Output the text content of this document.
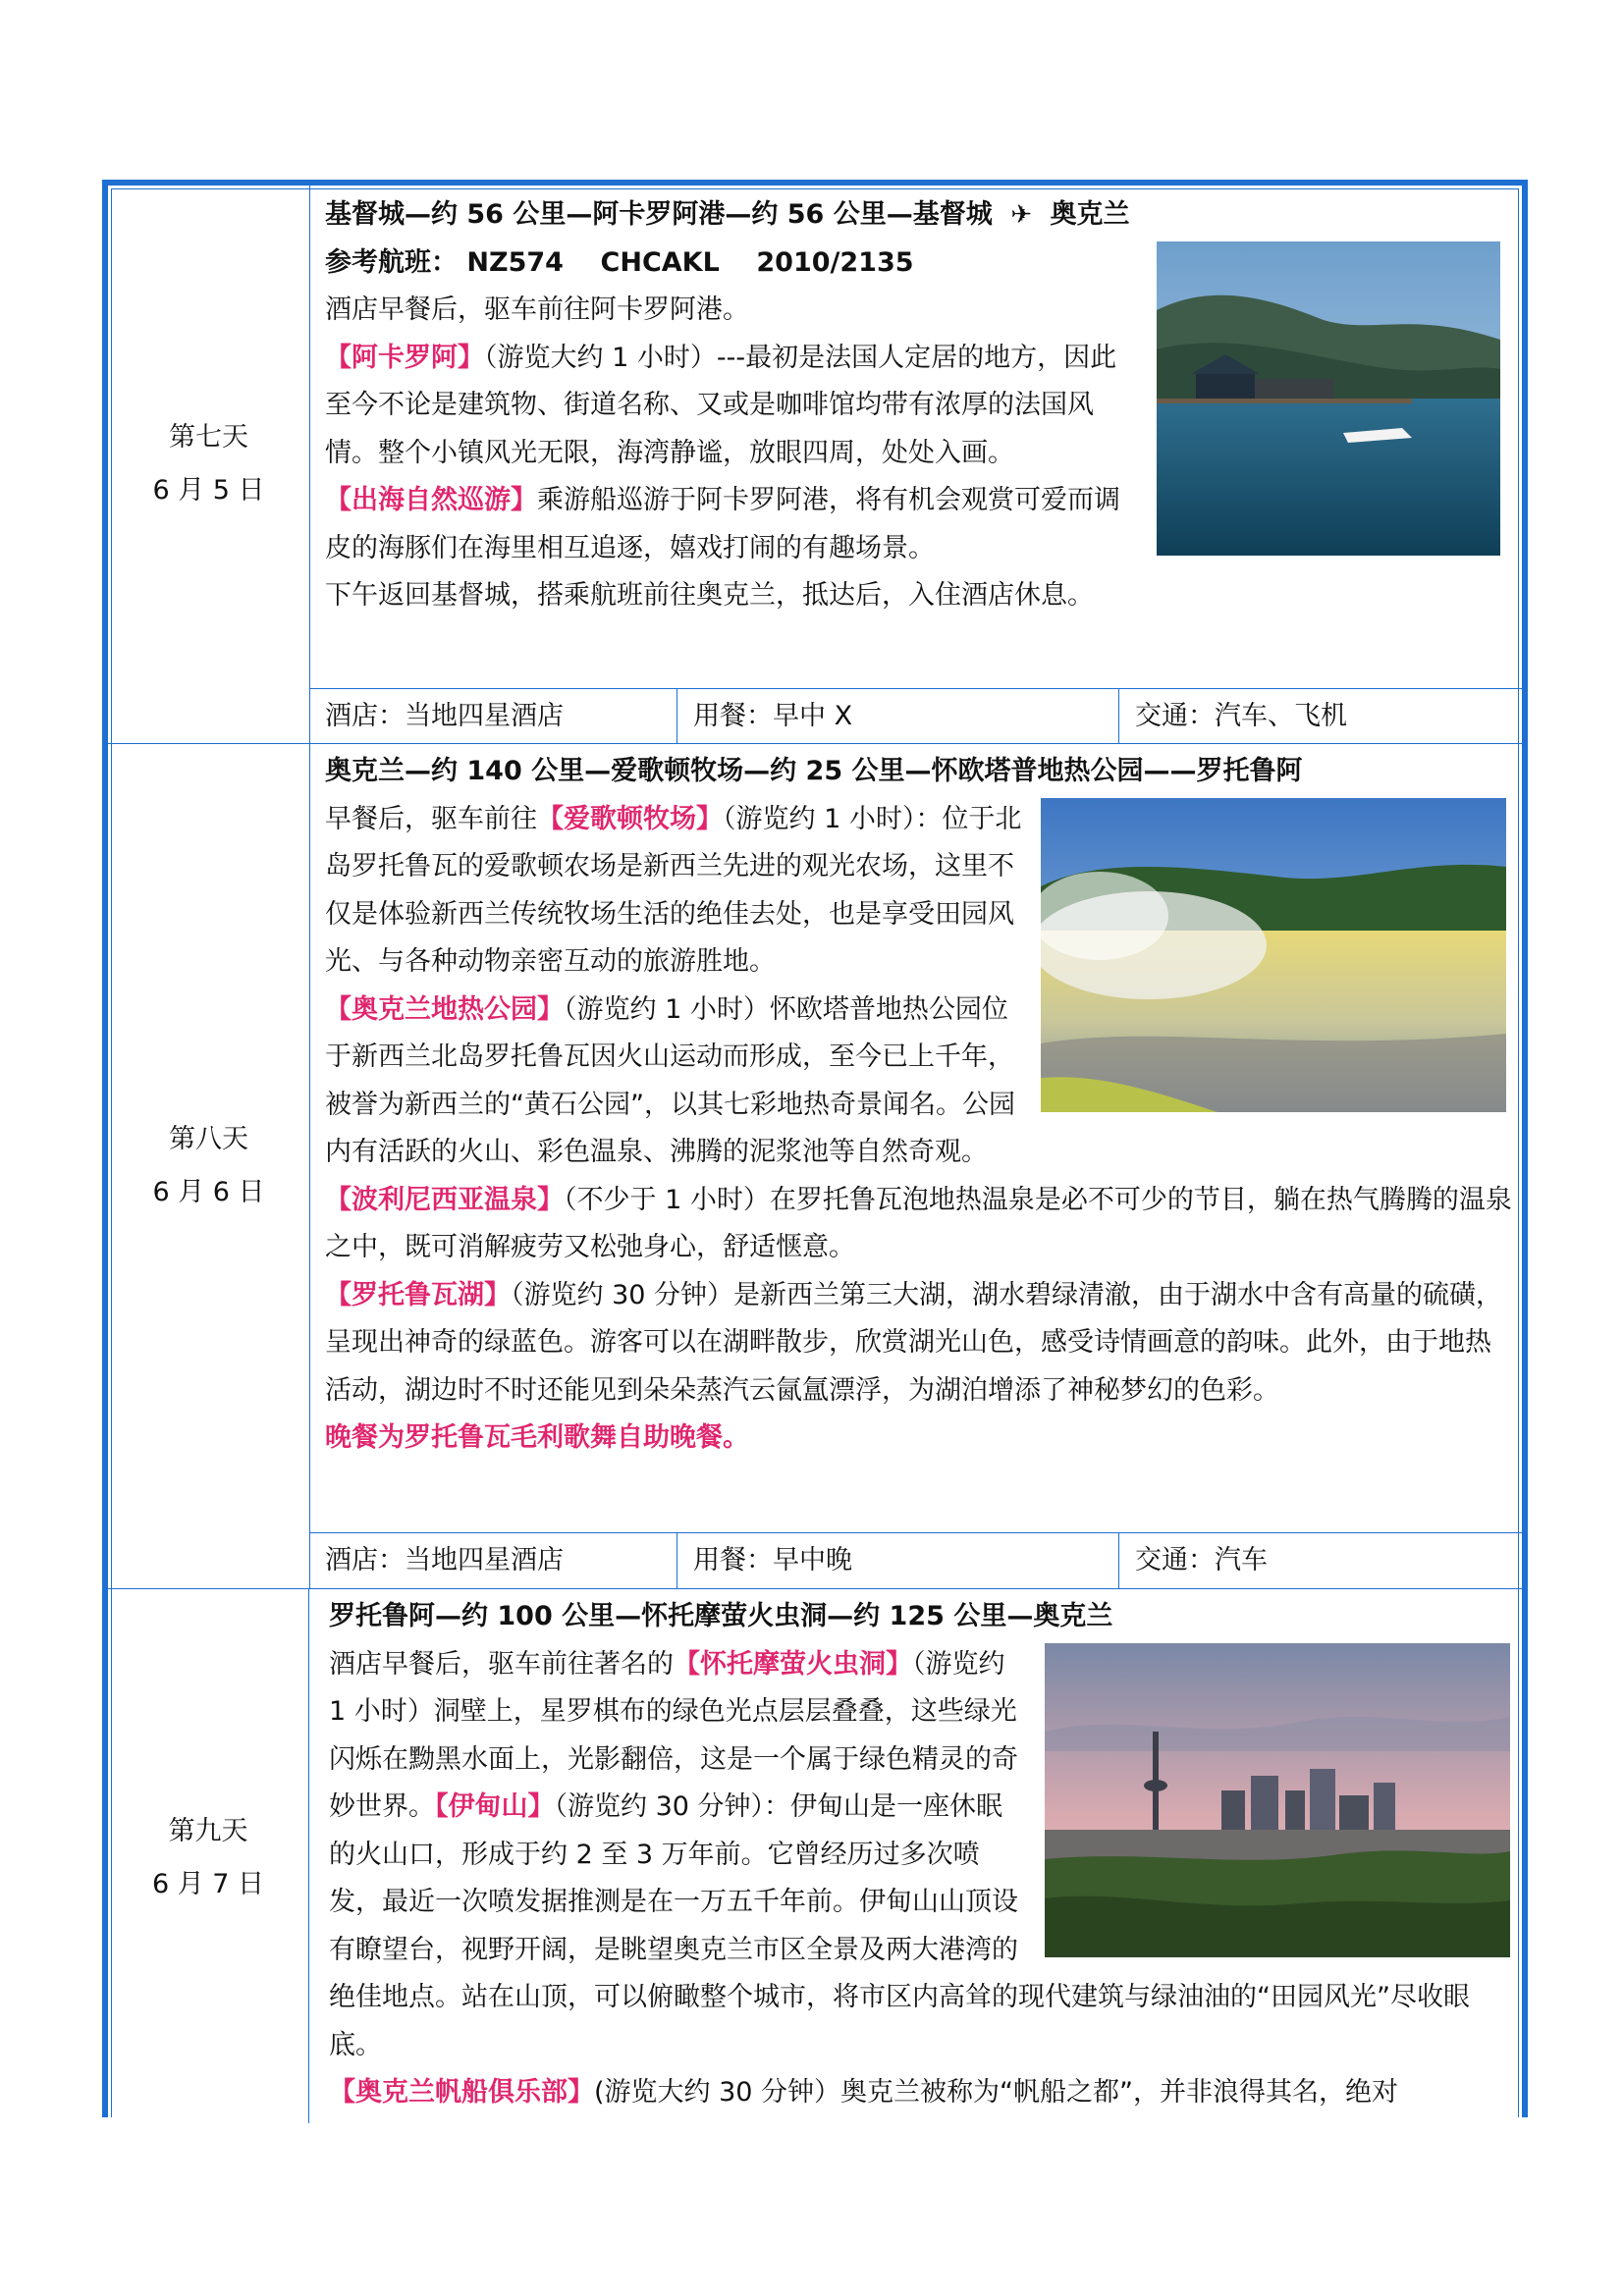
第七天
6 月 5 日
基督城—约 56 公里—阿卡罗阿港—约 56 公里—基督城  ✈  奥克兰
参考航班： NZ574    CHCAKL    2010/2135
酒店早餐后，驱车前往阿卡罗阿港。
【阿卡罗阿】（游览大约 1 小时）---最初是法国人定居的地方，因此至今不论是建筑物、街道名称、又或是咖啡馆均带有浓厚的法国风情。整个小镇风光无限，海湾静谧，放眼四周，处处入画。
【出海自然巡游】乘游船巡游于阿卡罗阿港，将有机会观赏可爱而调皮的海豚们在海里相互追逐，嬉戏打闹的有趣场景。
下午返回基督城，搭乘航班前往奥克兰，抵达后，入住酒店休息。
酒店：当地四星酒店	用餐：早中 X	交通：汽车、飞机
第八天
6 月 6 日
奥克兰—约 140 公里—爱歌顿牧场—约 25 公里—怀欧塔普地热公园——罗托鲁阿
早餐后，驱车前往【爱歌顿牧场】（游览约 1 小时）：位于北岛罗托鲁瓦的爱歌顿农场是新西兰先进的观光农场，这里不仅是体验新西兰传统牧场生活的绝佳去处，也是享受田园风光、与各种动物亲密互动的旅游胜地。
【奥克兰地热公园】（游览约 1 小时）怀欧塔普地热公园位于新西兰北岛罗托鲁瓦因火山运动而形成，至今已上千年，被誉为新西兰的“黄石公园”，以其七彩地热奇景闻名。公园内有活跃的火山、彩色温泉、沸腾的泥浆池等自然奇观。
【波利尼西亚温泉】（不少于 1 小时）在罗托鲁瓦泡地热温泉是必不可少的节目，躺在热气腾腾的温泉之中，既可消解疲劳又松弛身心，舒适惬意。
【罗托鲁瓦湖】（游览约 30 分钟）是新西兰第三大湖，湖水碧绿清澈，由于湖水中含有高量的硫磺，呈现出神奇的绿蓝色。游客可以在湖畔散步，欣赏湖光山色，感受诗情画意的韵味。此外，由于地热活动，湖边时不时还能见到朵朵蒸汽云氤氲漂浮，为湖泊增添了神秘梦幻的色彩。
晚餐为罗托鲁瓦毛利歌舞自助晚餐。
酒店：当地四星酒店	用餐：早中晚	交通：汽车
第九天
6 月 7 日
罗托鲁阿—约 100 公里—怀托摩萤火虫洞—约 125 公里—奥克兰
酒店早餐后，驱车前往著名的【怀托摩萤火虫洞】（游览约 1 小时）洞壁上，星罗棋布的绿色光点层层叠叠，这些绿光闪烁在黝黑水面上，光影翻倍，这是一个属于绿色精灵的奇妙世界。【伊甸山】（游览约 30 分钟）：伊甸山是一座休眠的火山口，形成于约 2 至 3 万年前。它曾经历过多次喷发，最近一次喷发据推测是在一万五千年前。伊甸山山顶设有瞭望台，视野开阔，是眺望奥克兰市区全景及两大港湾的绝佳地点。站在山顶，可以俯瞰整个城市，将市区内高耸的现代建筑与绿油油的“田园风光”尽收眼底。
【奥克兰帆船俱乐部】(游览大约 30 分钟）奥克兰被称为“帆船之都”，并非浪得其名，绝对
